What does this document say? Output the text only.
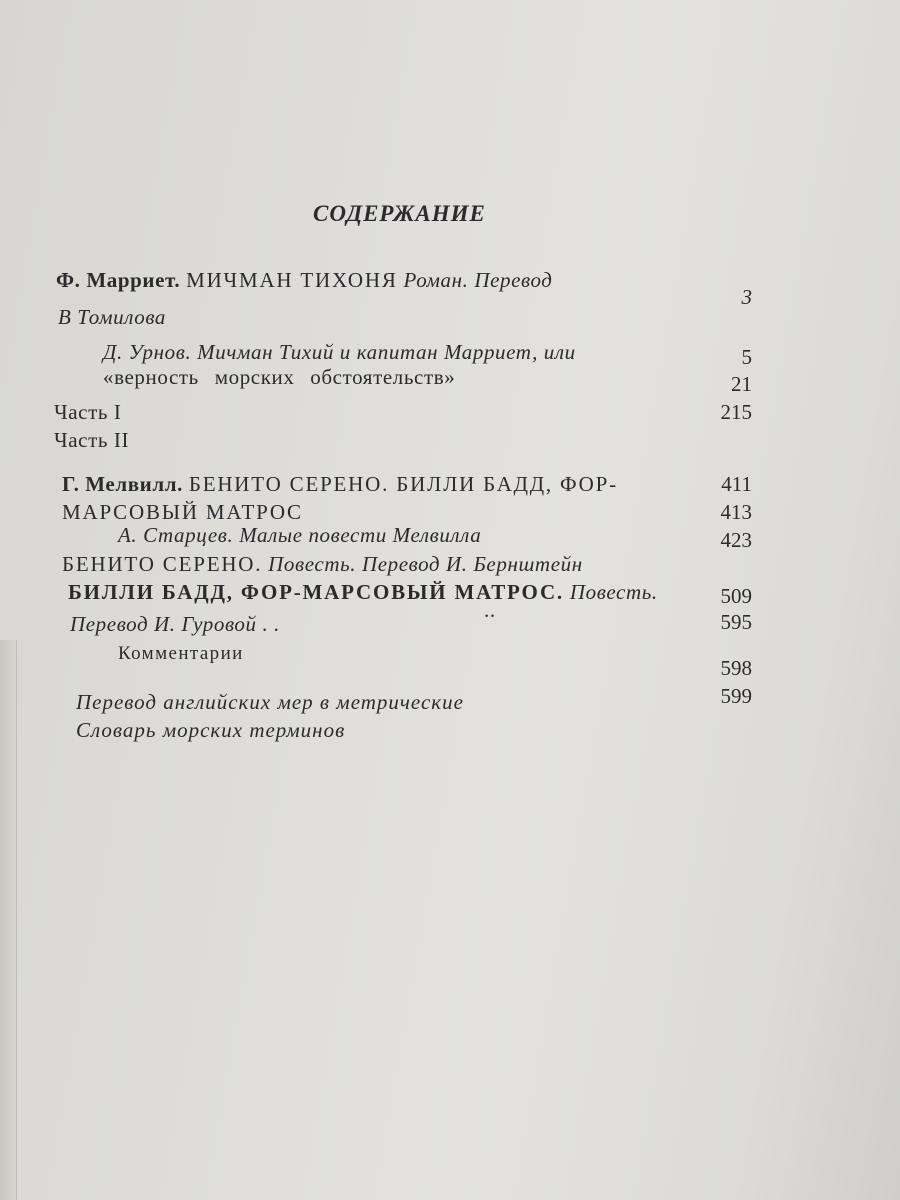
СОДЕРЖАНИЕ
Ф. Марриет. МИЧМАН ТИХОНЯ Роман. Перевод
В Томилова
Д. Урнов. Мичман Тихий и капитан Марриет, или
«верность морских обстоятельств»
Часть I
Часть II
Г. Мелвилл. БЕНИТО СЕРЕНО. БИЛЛИ БАДД, ФОР-
МАРСОВЫЙ МАТРОС
А. Старцев. Малые повести Мелвилла
БЕНИТО СЕРЕНО. Повесть. Перевод И. Бернштейн
БИЛЛИ БАДД, ФОР-МАРСОВЫЙ МАТРОС. Повесть.
Перевод И. Гуровой . .
..
Комментарии
Перевод английских мер в метрические
Словарь морских терминов
3
5
21
215
411
413
423
509
595
598
599
